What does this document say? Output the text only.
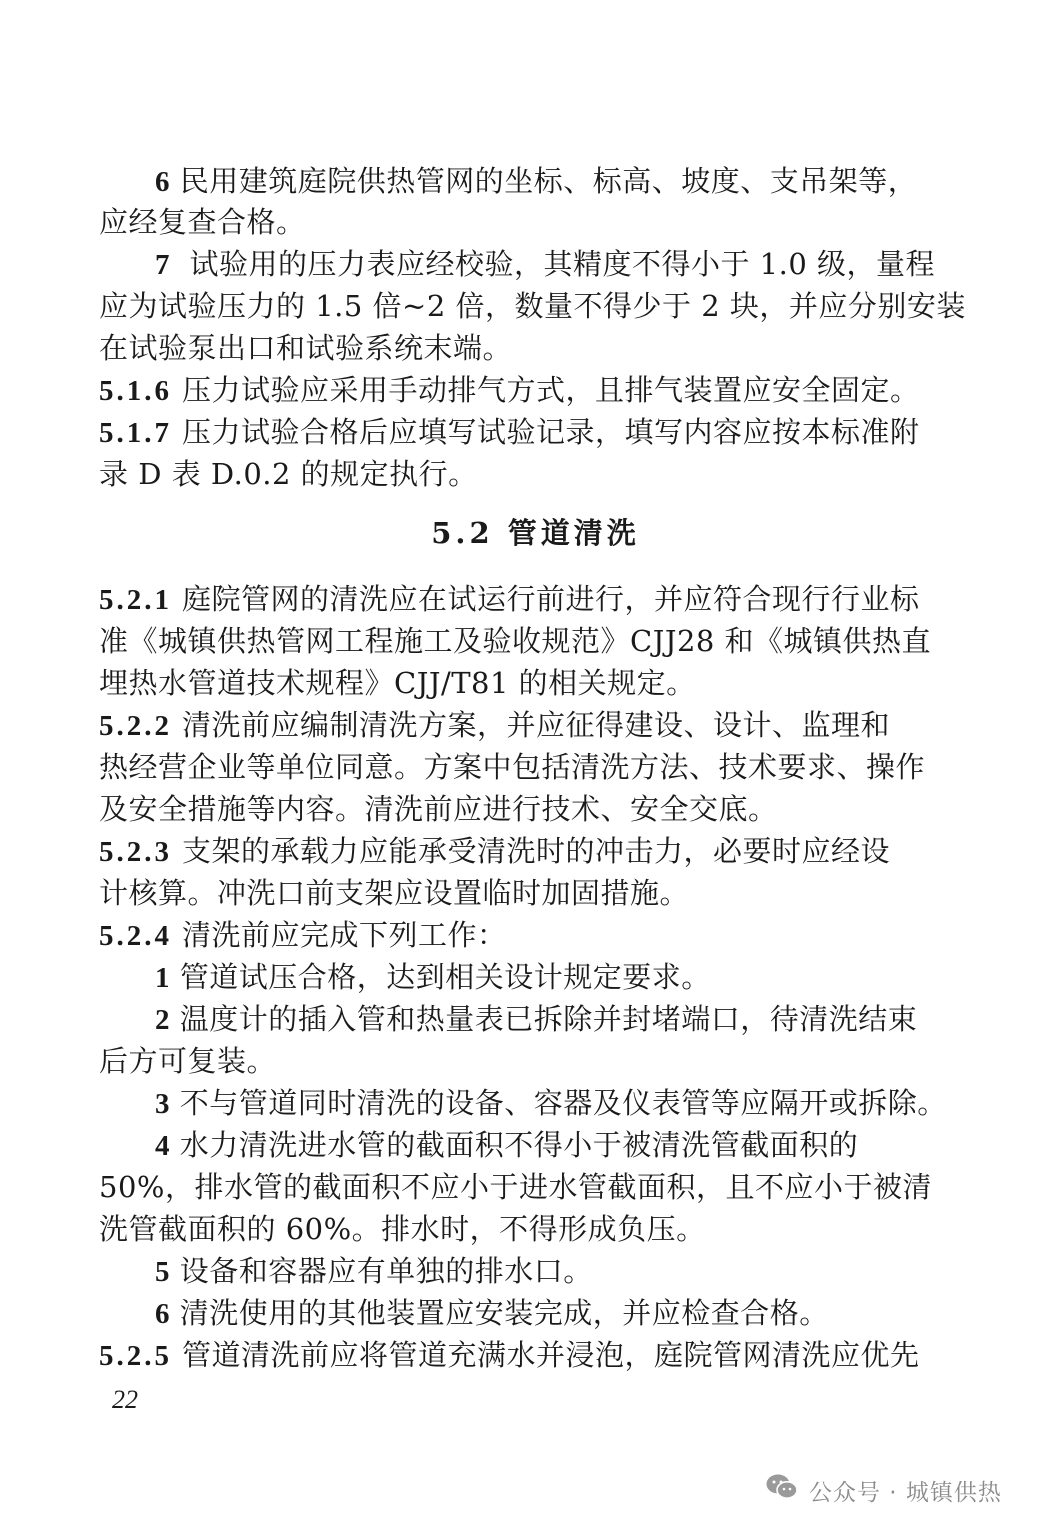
6 民用建筑庭院供热管网的坐标、标高、坡度、支吊架等，
应经复查合格。
7 试验用的压力表应经校验，其精度不得小于 1.0 级，量程
应为试验压力的 1.5 倍~2 倍，数量不得少于 2 块，并应分别安装
在试验泵出口和试验系统末端。
5.1.6 压力试验应采用手动排气方式，且排气装置应安全固定。
5.1.7 压力试验合格后应填写试验记录，填写内容应按本标准附
录 D 表 D.0.2 的规定执行。
5.2 管道清洗
5.2.1 庭院管网的清洗应在试运行前进行，并应符合现行行业标
准《城镇供热管网工程施工及验收规范》CJJ28 和《城镇供热直
埋热水管道技术规程》CJJ/T81 的相关规定。
5.2.2 清洗前应编制清洗方案，并应征得建设、设计、监理和
热经营企业等单位同意。方案中包括清洗方法、技术要求、操作
及安全措施等内容。清洗前应进行技术、安全交底。
5.2.3 支架的承载力应能承受清洗时的冲击力，必要时应经设
计核算。冲洗口前支架应设置临时加固措施。
5.2.4 清洗前应完成下列工作：
1 管道试压合格，达到相关设计规定要求。
2 温度计的插入管和热量表已拆除并封堵端口，待清洗结束
后方可复装。
3 不与管道同时清洗的设备、容器及仪表管等应隔开或拆除。
4 水力清洗进水管的截面积不得小于被清洗管截面积的
50%，排水管的截面积不应小于进水管截面积，且不应小于被清
洗管截面积的 60%。排水时，不得形成负压。
5 设备和容器应有单独的排水口。
6 清洗使用的其他装置应安装完成，并应检查合格。
5.2.5 管道清洗前应将管道充满水并浸泡，庭院管网清洗应优先
22
公众号 · 城镇供热
